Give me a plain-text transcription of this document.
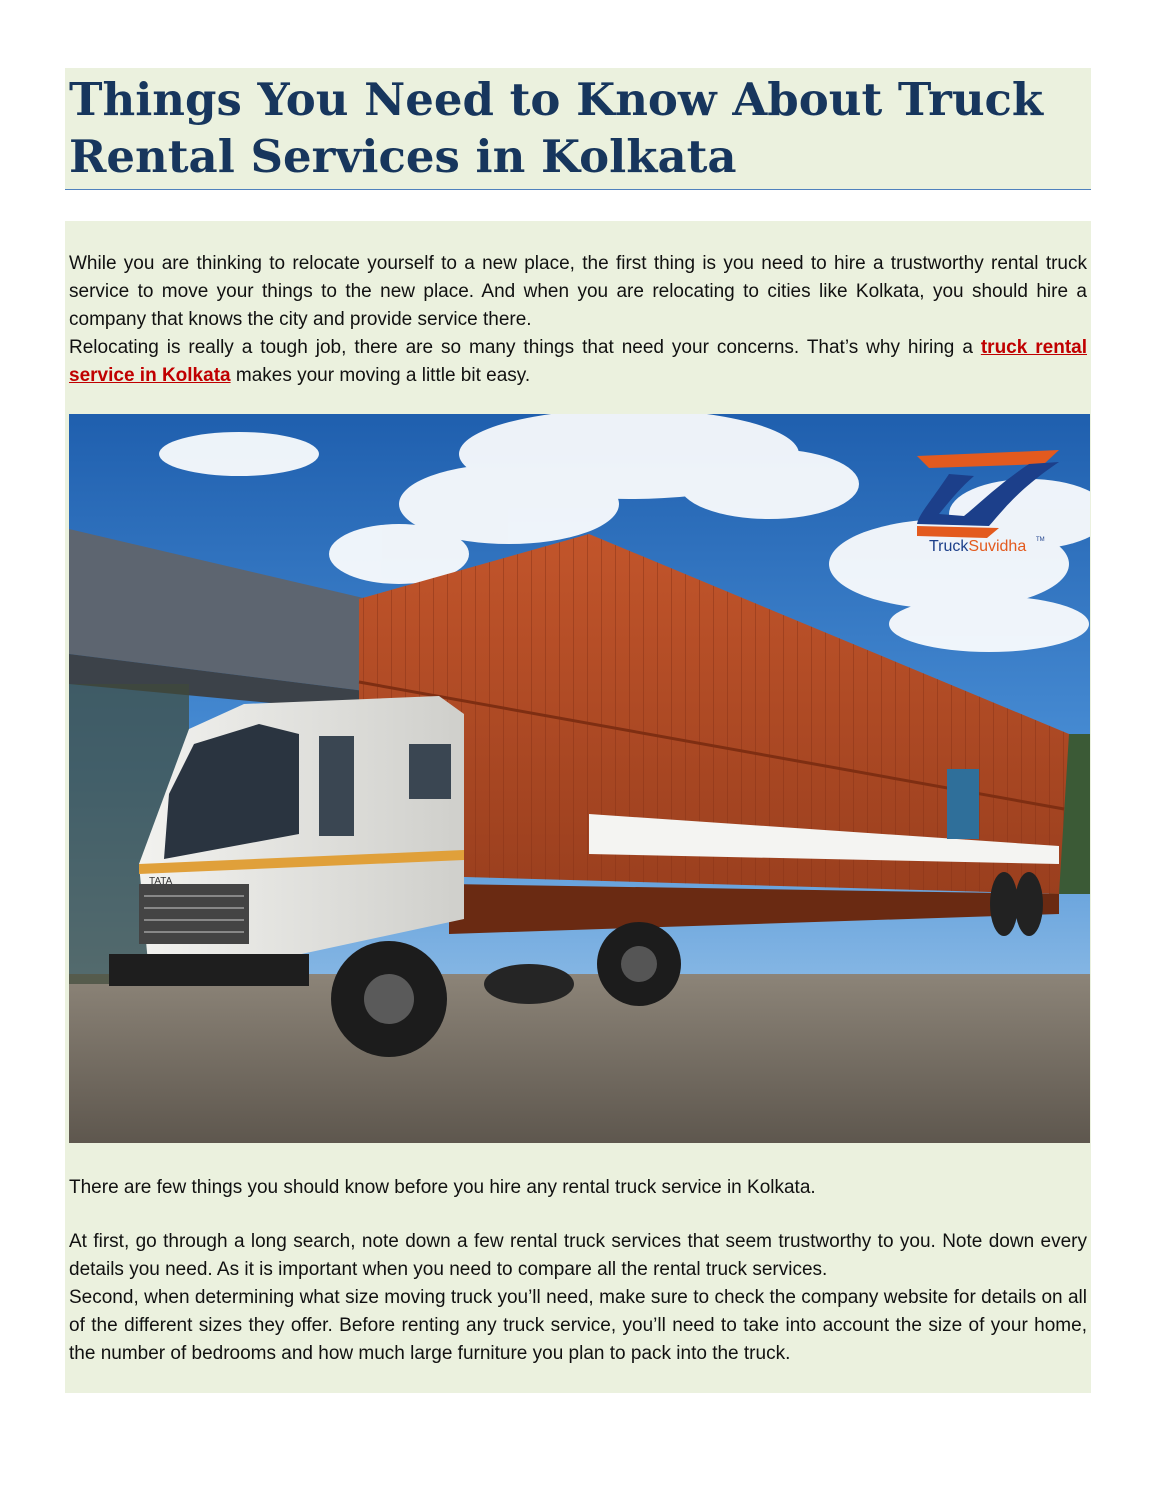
Things You Need to Know About Truck Rental Services in Kolkata

While you are thinking to relocate yourself to a new place, the first thing is you need to hire a trustworthy rental truck service to move your things to the new place. And when you are relocating to cities like Kolkata, you should hire a company that knows the city and provide service there.
Relocating is really a tough job, there are so many things that need your concerns. That’s why hiring a truck rental service in Kolkata makes your moving a little bit easy.

TATA
TruckSuvidha TM

There are few things you should know before you hire any rental truck service in Kolkata.

At first, go through a long search, note down a few rental truck services that seem trustworthy to you. Note down every details you need. As it is important when you need to compare all the rental truck services.
Second, when determining what size moving truck you’ll need, make sure to check the company website for details on all of the different sizes they offer. Before renting any truck service, you’ll need to take into account the size of your home, the number of bedrooms and how much large furniture you plan to pack into the truck.
